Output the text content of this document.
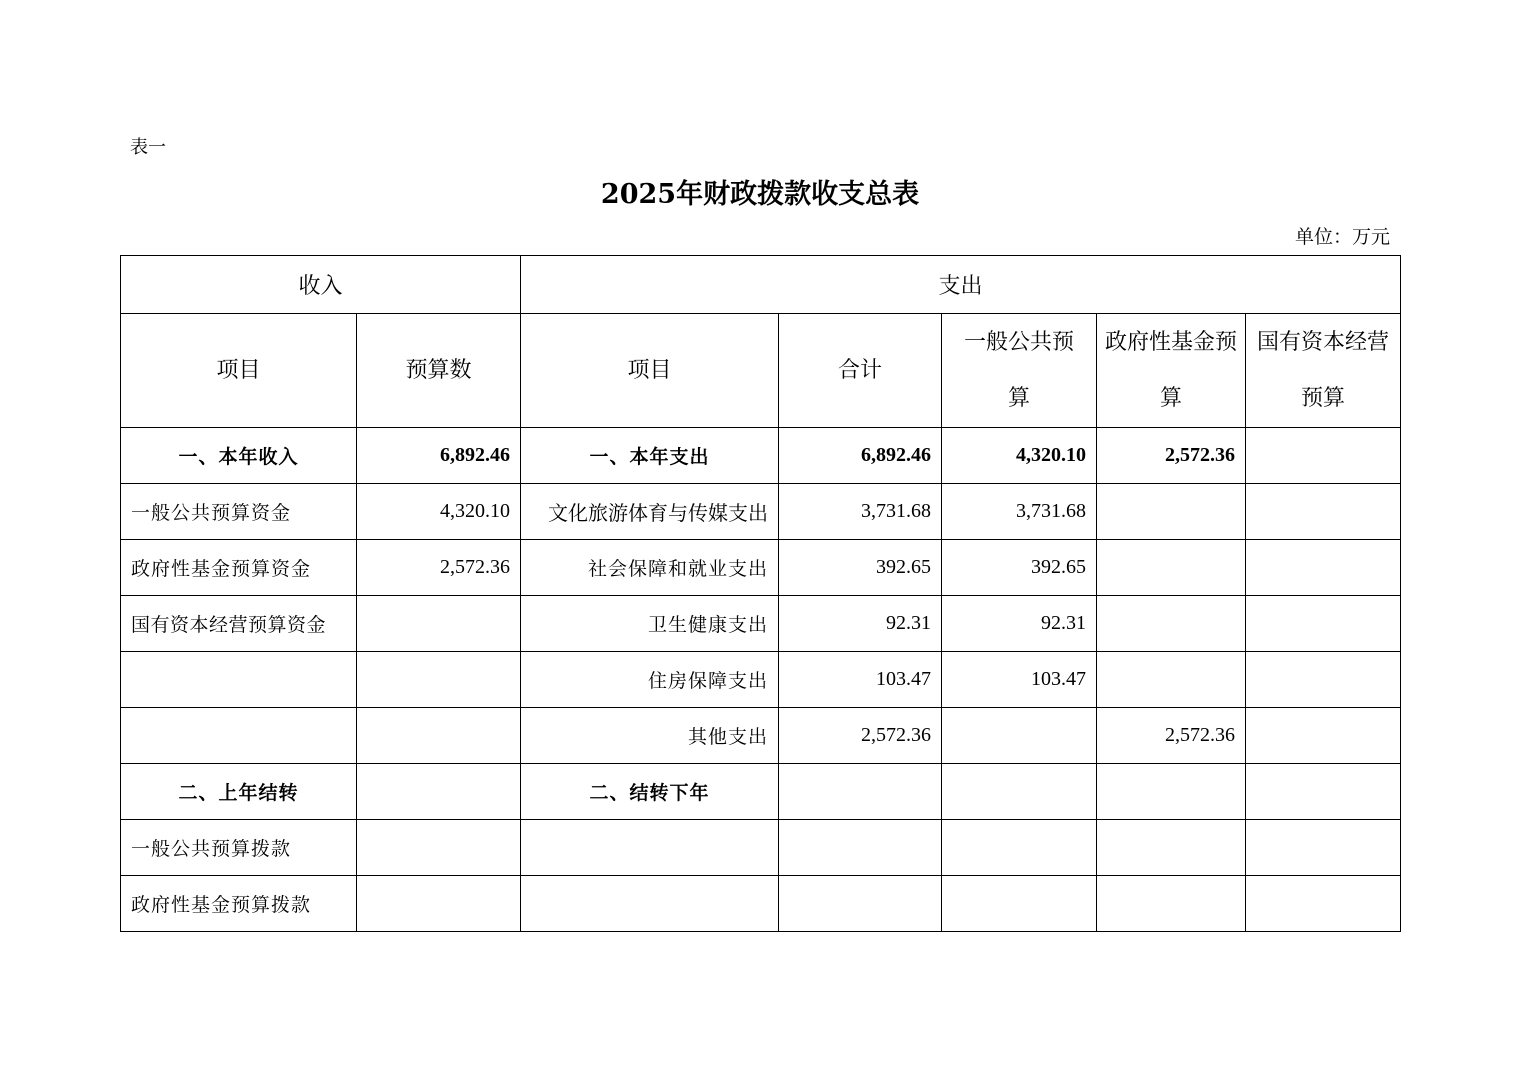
表一
2025年财政拨款收支总表
单位：万元
收入		支出				
项目	预算数	项目	合计	一般公共预算	政府性基金预算	国有资本经营预算
一、本年收入	6,892.46	一、本年支出	6,892.46	4,320.10	2,572.36	
一般公共预算资金	4,320.10	文化旅游体育与传媒支出	3,731.68	3,731.68		
政府性基金预算资金	2,572.36	社会保障和就业支出	392.65	392.65		
国有资本经营预算资金		卫生健康支出	92.31	92.31		
		住房保障支出	103.47	103.47		
		其他支出	2,572.36		2,572.36	
二、上年结转		二、结转下年				
一般公共预算拨款						
政府性基金预算拨款						
